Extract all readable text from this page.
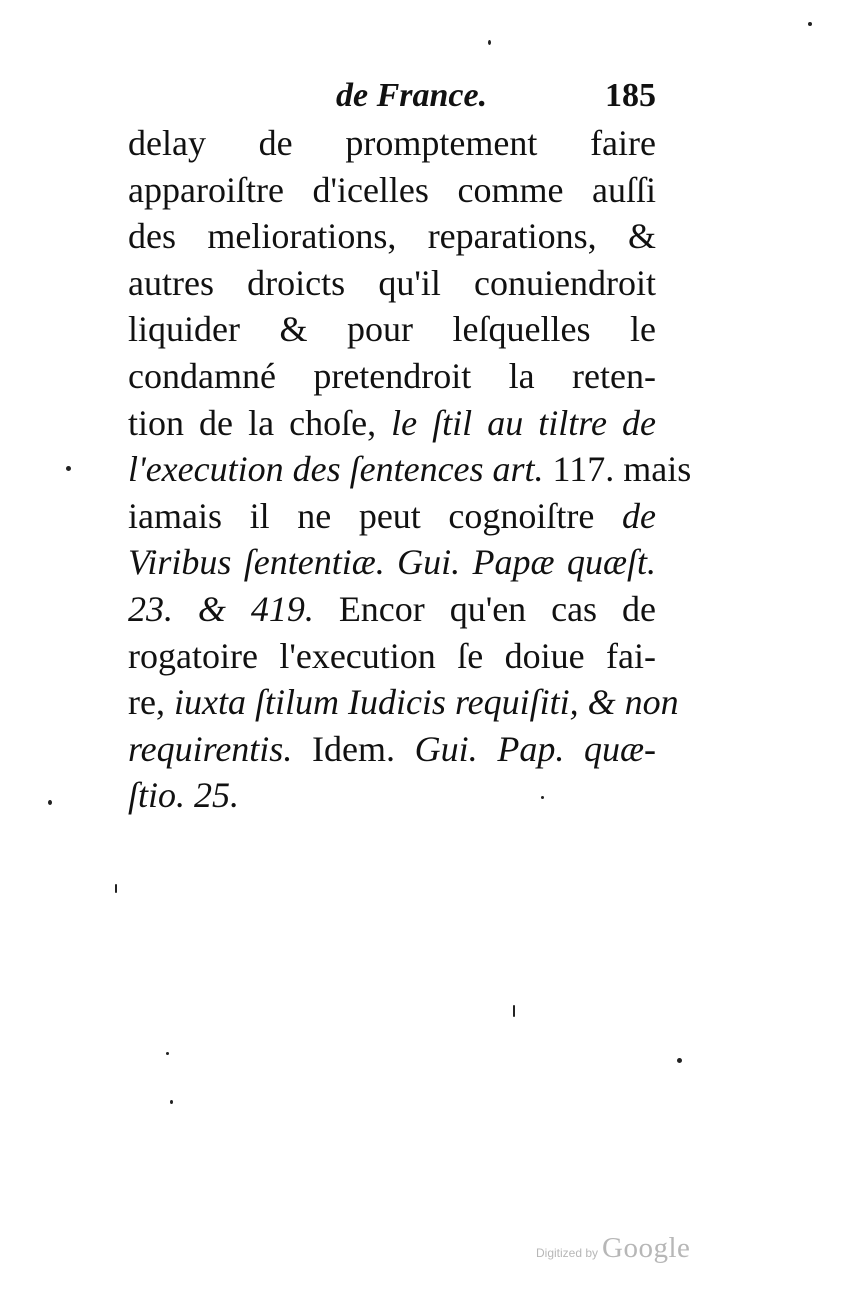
de France.	185
delay de promptement faire
apparoiſtre d'icelles comme auſſi
des meliorations, reparations, &
autres droicts qu'il conuiendroit
liquider & pour leſquelles le
condamné pretendroit la reten-
tion de la choſe, le ſtil au tiltre de
l'execution des ſentences art. 117. mais
iamais il ne peut cognoiſtre de
Viribus ſententiæ. Gui. Papæ quæſt.
23. & 419. Encor qu'en cas de
rogatoire l'execution ſe doiue fai-
re, iuxta ſtilum Iudicis requiſiti, & non
requirentis. Idem. Gui. Pap. quæ-
ſtio. 25.
Digitized by Google
